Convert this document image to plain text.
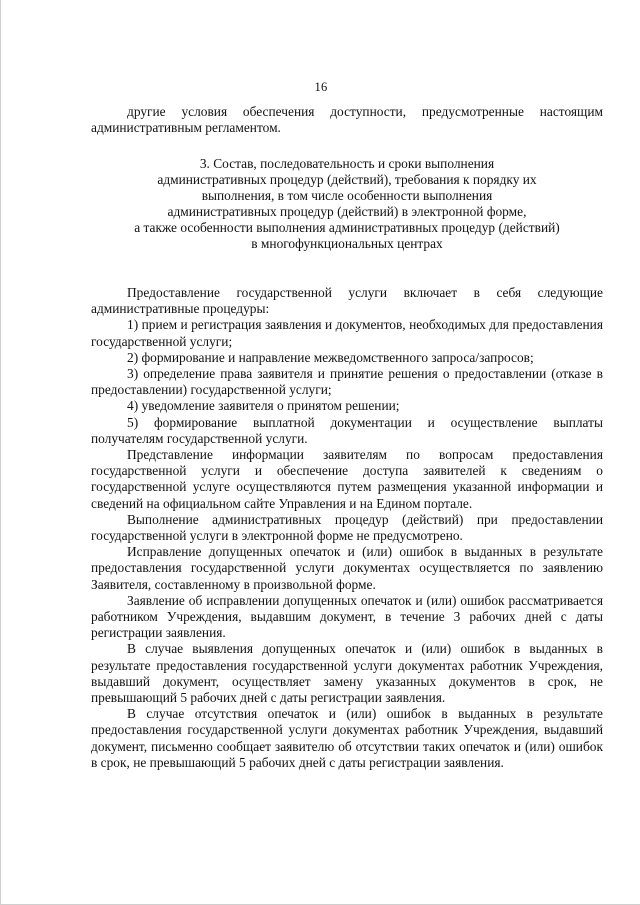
16

другие условия обеспечения доступности, предусмотренные настоящим административным регламентом.

3. Состав, последовательность и сроки выполнения
административных процедур (действий), требования к порядку их
выполнения, в том числе особенности выполнения
административных процедур (действий) в электронной форме,
а также особенности выполнения административных процедур (действий)
в многофункциональных центрах

Предоставление государственной услуги включает в себя следующие административные процедуры:

1) прием и регистрация заявления и документов, необходимых для предоставления государственной услуги;

2) формирование и направление межведомственного запроса/запросов;

3) определение права заявителя и принятие решения о предоставлении (отказе в предоставлении) государственной услуги;

4) уведомление заявителя о принятом решении;

5) формирование выплатной документации и осуществление выплаты получателям государственной услуги.

Представление информации заявителям по вопросам предоставления государственной услуги и обеспечение доступа заявителей к сведениям о государственной услуге осуществляются путем размещения указанной информации и сведений на официальном сайте Управления и на Едином портале.

Выполнение административных процедур (действий) при предоставлении государственной услуги в электронной форме не предусмотрено.

Исправление допущенных опечаток и (или) ошибок в выданных в результате предоставления государственной услуги документах осуществляется по заявлению Заявителя, составленному в произвольной форме.

Заявление об исправлении допущенных опечаток и (или) ошибок рассматривается работником Учреждения, выдавшим документ, в течение 3 рабочих дней с даты регистрации заявления.

В случае выявления допущенных опечаток и (или) ошибок в выданных в результате предоставления государственной услуги документах работник Учреждения, выдавший документ, осуществляет замену указанных документов в срок, не превышающий 5 рабочих дней с даты регистрации заявления.

В случае отсутствия опечаток и (или) ошибок в выданных в результате предоставления государственной услуги документах работник Учреждения, выдавший документ, письменно сообщает заявителю об отсутствии таких опечаток и (или) ошибок в срок, не превышающий 5 рабочих дней с даты регистрации заявления.
